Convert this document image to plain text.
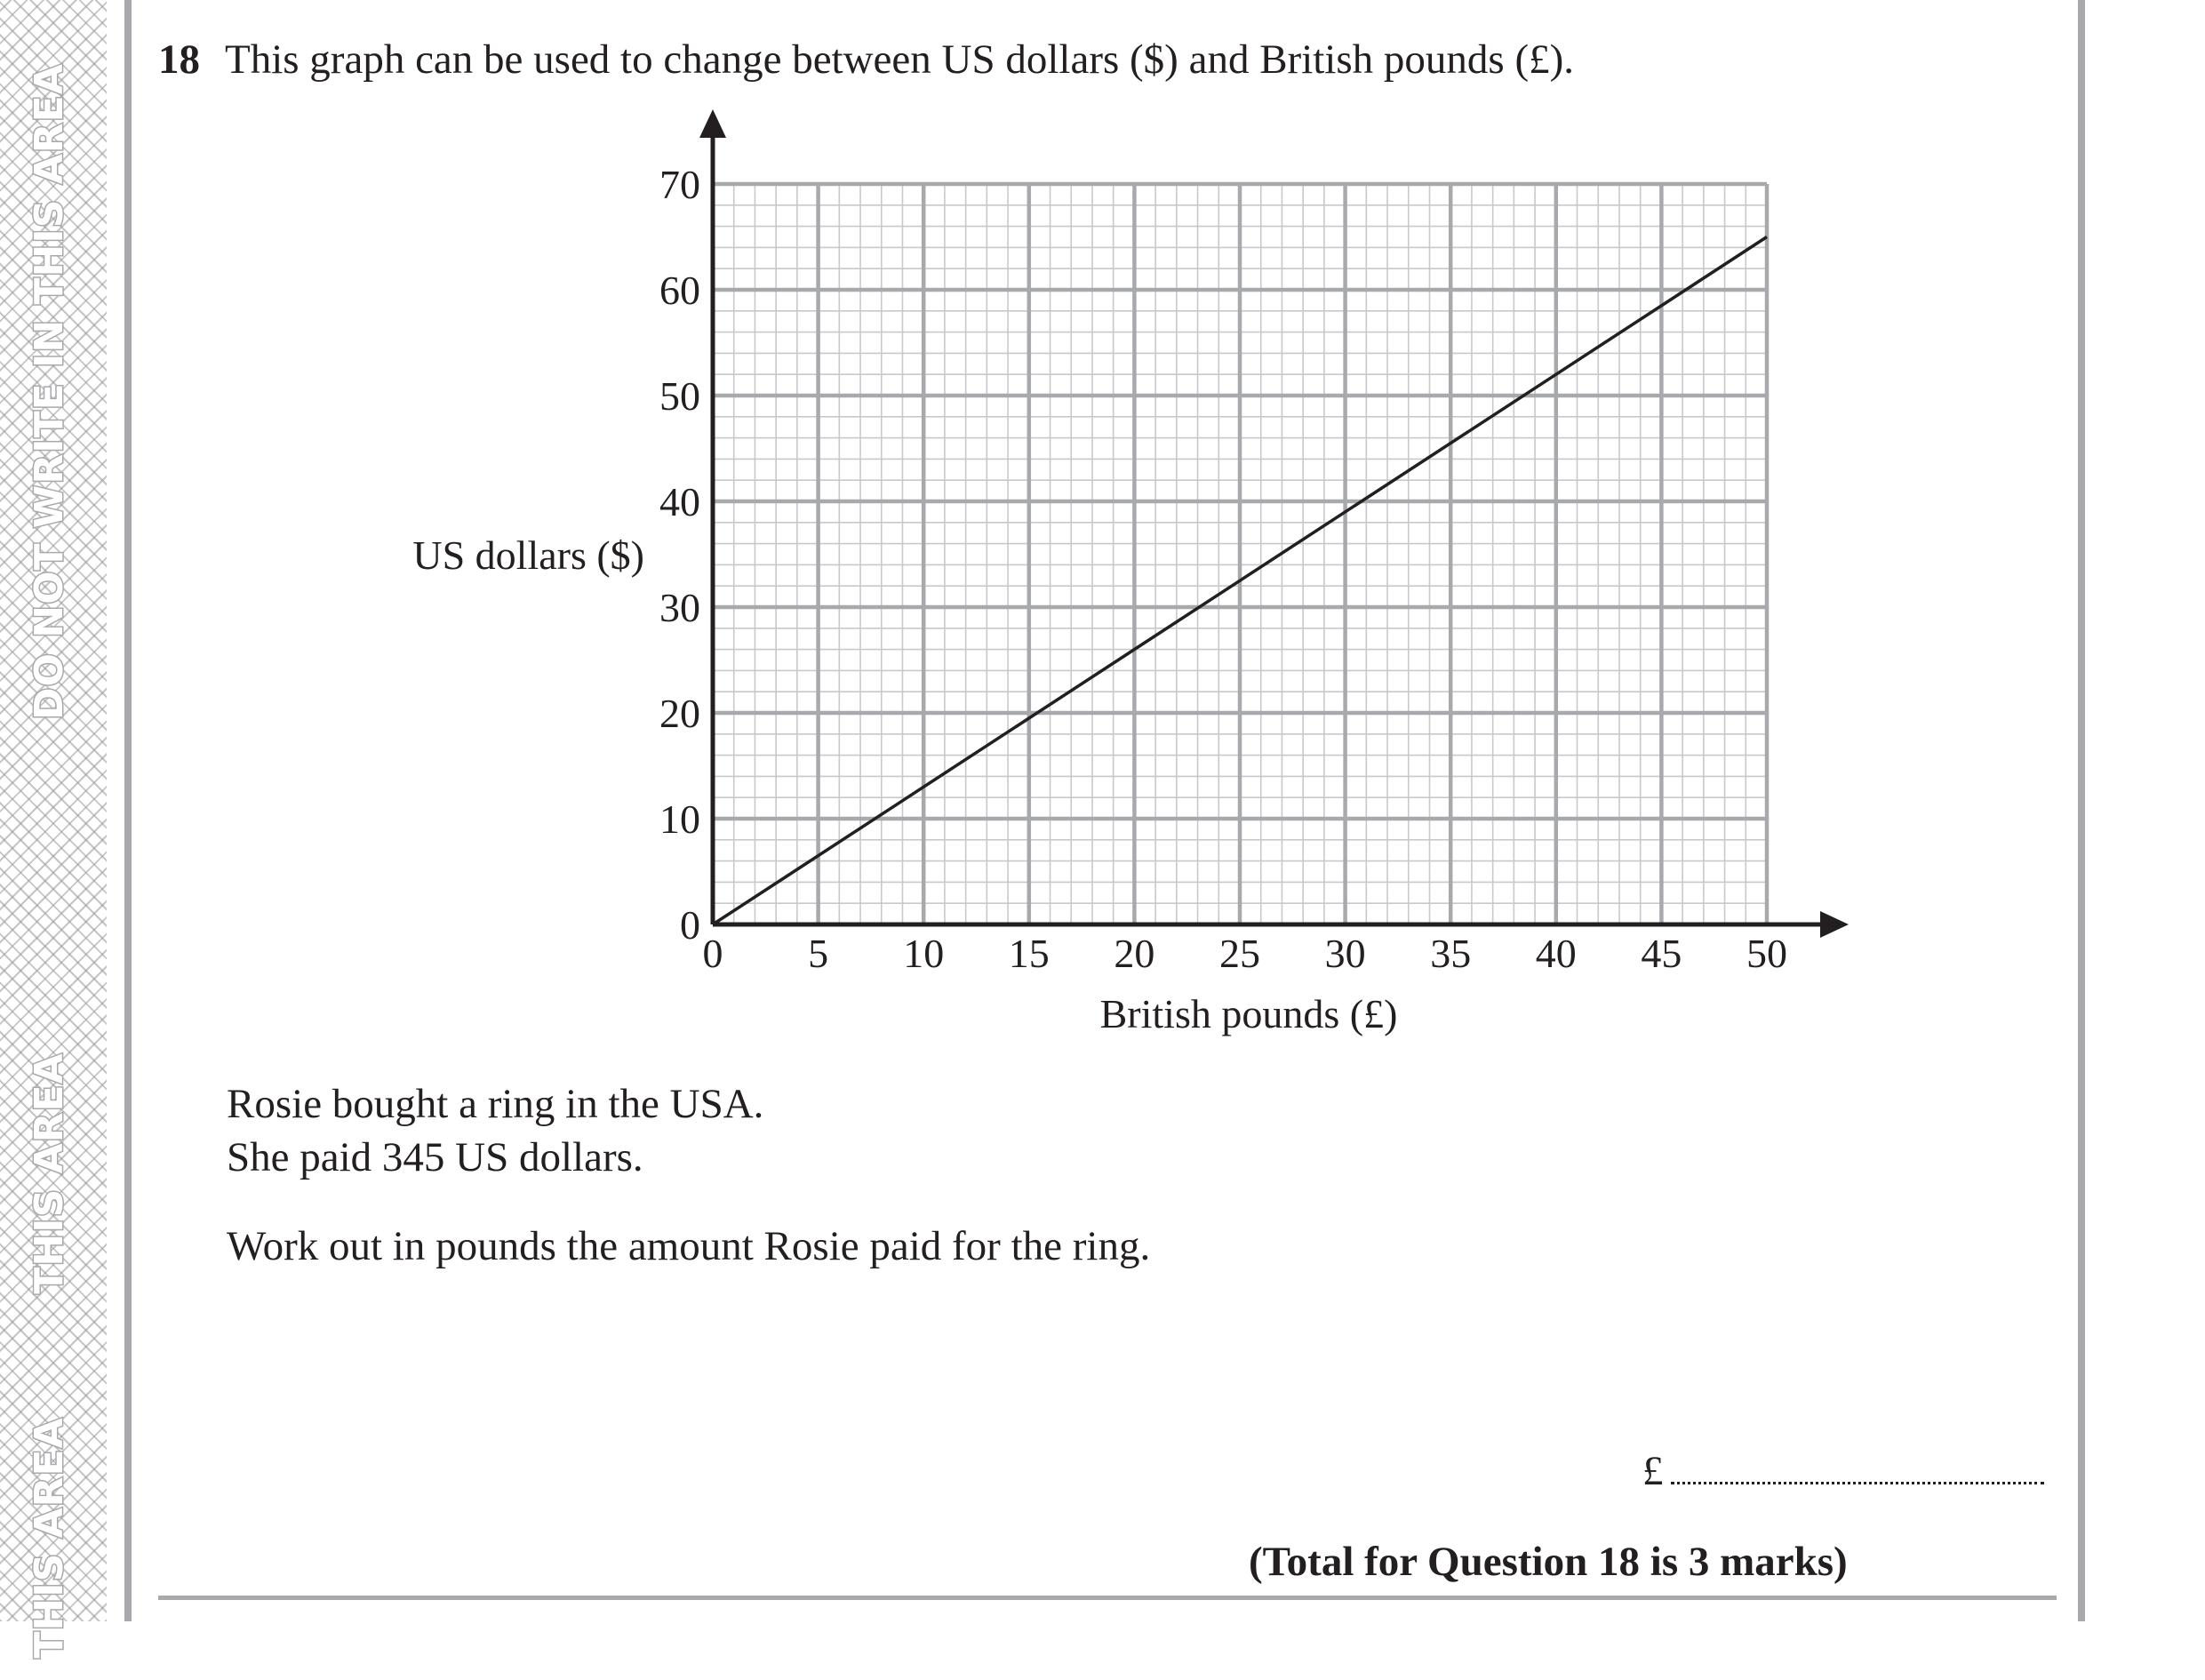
DO NOT WRITE IN THIS AREA
THIS AREA
THIS AREA
18 This graph can be used to change between US dollars ($) and British pounds (£).
0 5 10 15 20 25 30 35 40 45 50
0
10
20
30
40
50
60
70
British pounds (£)
US dollars ($)
Rosie bought a ring in the USA.
She paid 345 US dollars.
Work out in pounds the amount Rosie paid for the ring.
£
(Total for Question 18 is 3 marks)
